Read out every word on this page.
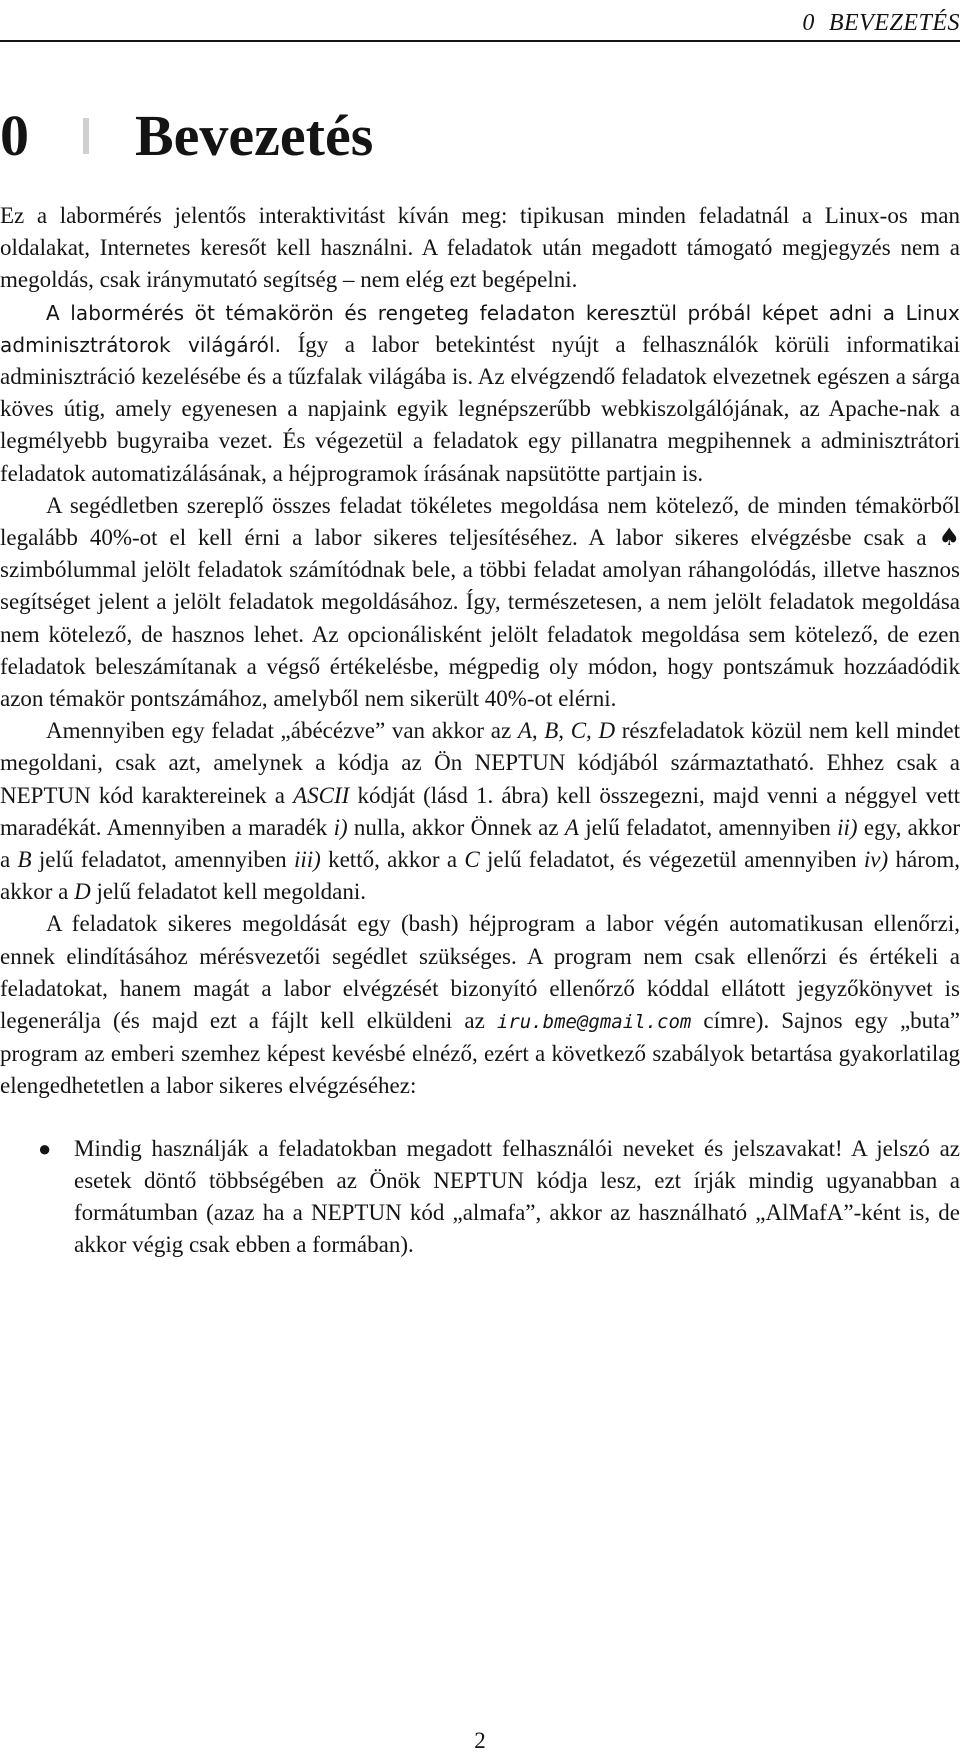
0 BEVEZETÉS
0 Bevezetés

Ez a labormérés jelentős interaktivitást kíván meg: tipikusan minden feladatnál a Linux-os man oldalakat, Internetes keresőt kell használni. A feladatok után megadott támogató megjegyzés nem a megoldás, csak iránymutató segítség – nem elég ezt begépelni.

A labormérés öt témakörön és rengeteg feladaton keresztül próbál képet adni a Linux adminisztrátorok világáról. Így a labor betekintést nyújt a felhasználók körüli informatikai adminisztráció kezelésébe és a tűzfalak világába is. Az elvégzendő feladatok elvezetnek egészen a sárga köves útig, amely egyenesen a napjaink egyik legnépszerűbb webkiszolgálójának, az Apache-nak a legmélyebb bugyraiba vezet. És végezetül a feladatok egy pillanatra megpihennek a adminisztrátori feladatok automatizálásának, a héjprogramok írásának napsütötte partjain is.

A segédletben szereplő összes feladat tökéletes megoldása nem kötelező, de minden témakörből legalább 40%-ot el kell érni a labor sikeres teljesítéséhez. A labor sikeres elvégzésbe csak a ♠ szimbólummal jelölt feladatok számítódnak bele, a többi feladat amolyan ráhangolódás, illetve hasznos segítséget jelent a jelölt feladatok megoldásához. Így, természetesen, a nem jelölt feladatok megoldása nem kötelező, de hasznos lehet. Az opcionálisként jelölt feladatok megoldása sem kötelező, de ezen feladatok beleszámítanak a végső értékelésbe, mégpedig oly módon, hogy pontszámuk hozzáadódik azon témakör pontszámához, amelyből nem sikerült 40%-ot elérni.

Amennyiben egy feladat „ábécézve” van akkor az A, B, C, D részfeladatok közül nem kell mindet megoldani, csak azt, amelynek a kódja az Ön NEPTUN kódjából származtatható. Ehhez csak a NEPTUN kód karaktereinek a ASCII kódját (lásd 1. ábra) kell összegezni, majd venni a néggyel vett maradékát. Amennyiben a maradék i) nulla, akkor Önnek az A jelű feladatot, amennyiben ii) egy, akkor a B jelű feladatot, amennyiben iii) kettő, akkor a C jelű feladatot, és végezetül amennyiben iv) három, akkor a D jelű feladatot kell megoldani.

A feladatok sikeres megoldását egy (bash) héjprogram a labor végén automatikusan ellenőrzi, ennek elindításához mérésvezetői segédlet szükséges. A program nem csak ellenőrzi és értékeli a feladatokat, hanem magát a labor elvégzését bizonyító ellenőrző kóddal ellátott jegyzőkönyvet is legenerálja (és majd ezt a fájlt kell elküldeni az iru.bme@gmail.com címre). Sajnos egy „buta” program az emberi szemhez képest kevésbé elnéző, ezért a következő szabályok betartása gyakorlatilag elengedhetetlen a labor sikeres elvégzéséhez:

● Mindig használják a feladatokban megadott felhasználói neveket és jelszavakat! A jelszó az esetek döntő többségében az Önök NEPTUN kódja lesz, ezt írják mindig ugyanabban a formátumban (azaz ha a NEPTUN kód „almafa”, akkor az használható „AlMafA”-ként is, de akkor végig csak ebben a formában).
2
